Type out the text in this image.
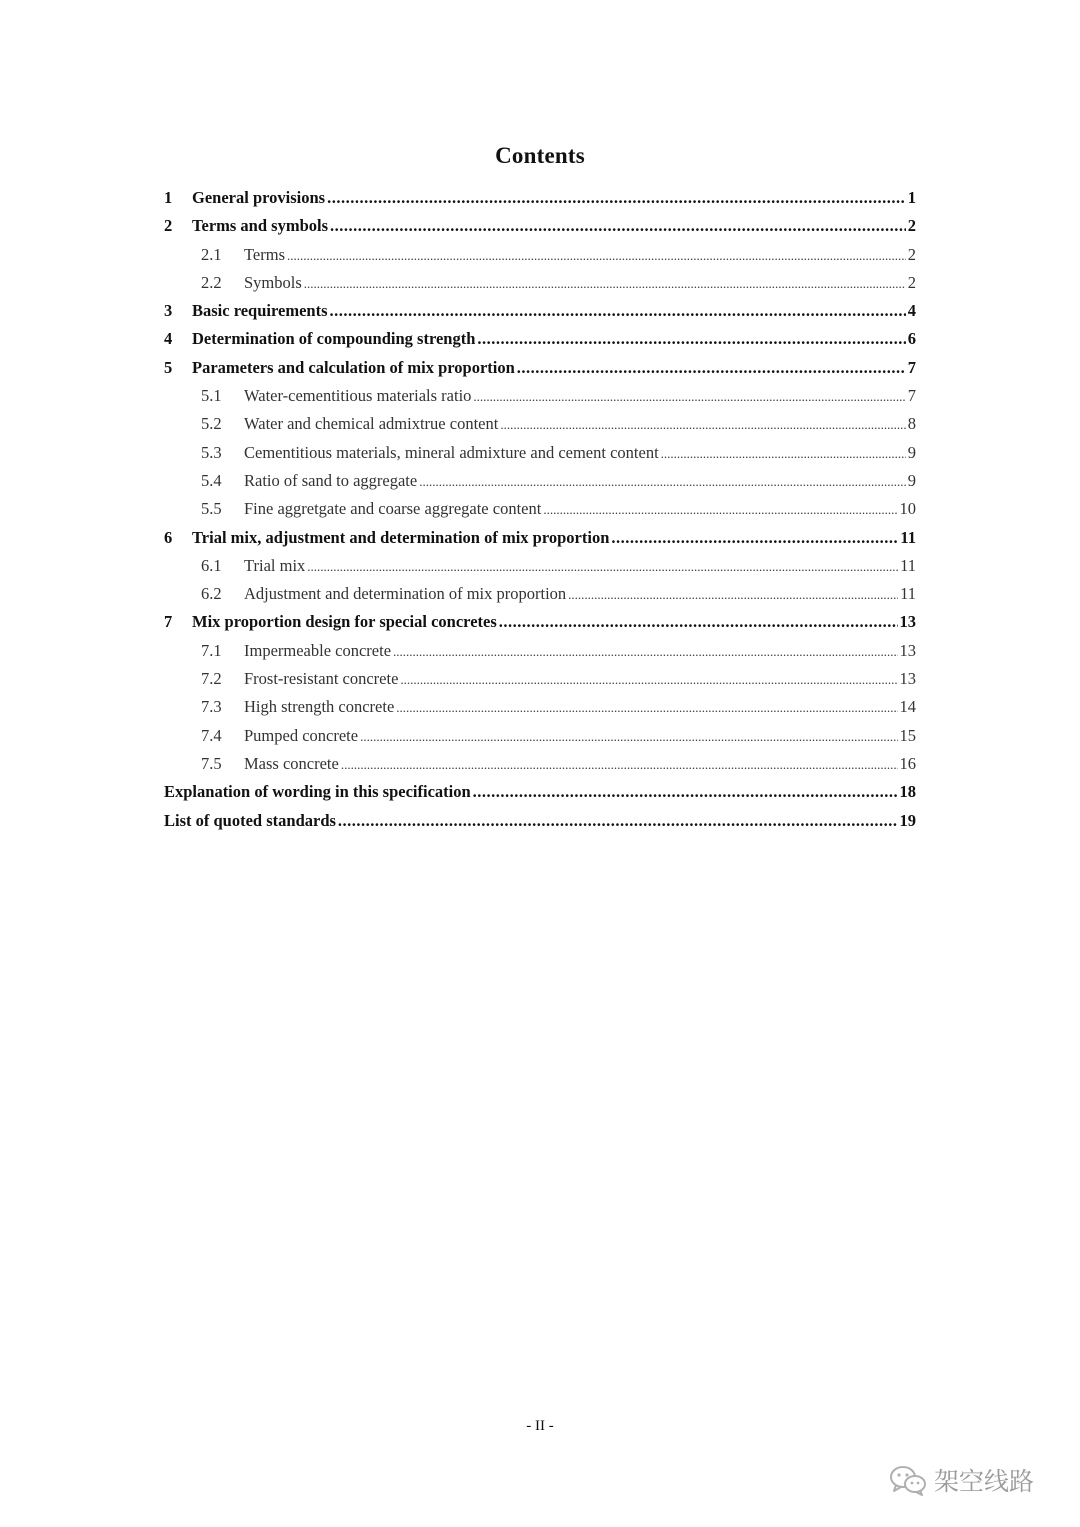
Contents
1	General provisions .....	1
2	Terms and symbols .....	2
2.1	Terms .....	2
2.2	Symbols .....	2
3	Basic requirements .....	4
4	Determination of compounding strength .....	6
5	Parameters and calculation of mix proportion .....	7
5.1	Water-cementitious materials ratio .....	7
5.2	Water and chemical admixtrue content .....	8
5.3	Cementitious materials, mineral admixture and cement content .....	9
5.4	Ratio of sand to aggregate .....	9
5.5	Fine aggretgate and coarse aggregate content .....	10
6	Trial mix, adjustment and determination of mix proportion .....	11
6.1	Trial mix .....	11
6.2	Adjustment and determination of mix proportion .....	11
7	Mix proportion design for special concretes .....	13
7.1	Impermeable concrete .....	13
7.2	Frost-resistant concrete .....	13
7.3	High strength concrete .....	14
7.4	Pumped concrete .....	15
7.5	Mass concrete .....	16
Explanation of wording in this specification .....	18
List of quoted standards .....	19
- II -
架空线路
